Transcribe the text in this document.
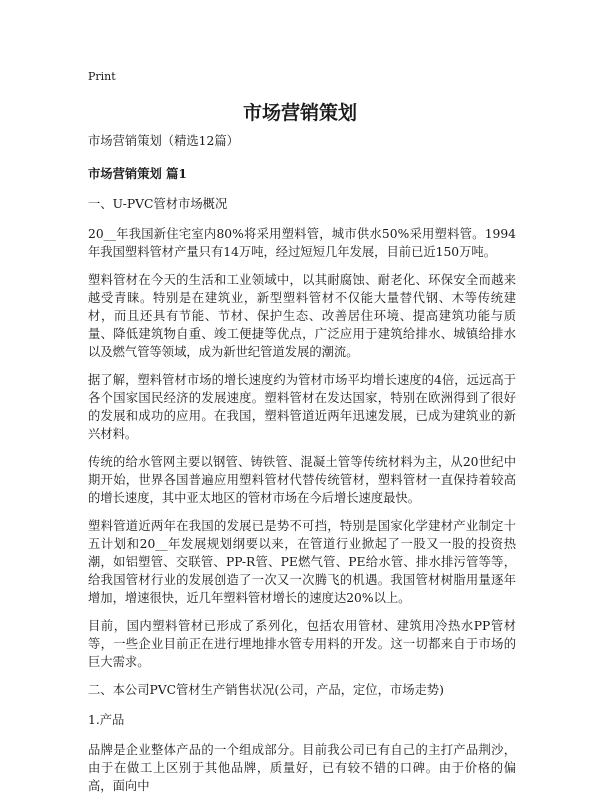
Print
市场营销策划

市场营销策划（精选12篇）

市场营销策划 篇1

一、U-PVC管材市场概况

20__年我国新住宅室内80%将采用塑料管，城市供水50%采用塑料管。1994年我国塑料管材产量只有14万吨，经过短短几年发展，目前已近150万吨。

塑料管材在今天的生活和工业领域中，以其耐腐蚀、耐老化、环保安全而越来越受青睐。特别是在建筑业，新型塑料管材不仅能大量替代钢、木等传统建材，而且还具有节能、节材、保护生态、改善居住环境、提高建筑功能与质量、降低建筑物自重、竣工便捷等优点，广泛应用于建筑给排水、城镇给排水以及燃气管等领域，成为新世纪管道发展的潮流。

据了解，塑料管材市场的增长速度约为管材市场平均增长速度的4倍，远远高于各个国家国民经济的发展速度。塑料管材在发达国家，特别在欧洲得到了很好的发展和成功的应用。在我国，塑料管道近两年迅速发展，已成为建筑业的新兴材料。

传统的给水管网主要以钢管、铸铁管、混凝土管等传统材料为主，从20世纪中期开始，世界各国普遍应用塑料管材代替传统管材，塑料管材一直保持着较高的增长速度，其中亚太地区的管材市场在今后增长速度最快。

塑料管道近两年在我国的发展已是势不可挡，特别是国家化学建材产业制定十五计划和20__年发展规划纲要以来，在管道行业掀起了一股又一股的投资热潮，如铝塑管、交联管、PP-R管、PE燃气管、PE给水管、排水排污管等等，给我国管材行业的发展创造了一次又一次腾飞的机遇。我国管材树脂用量逐年增加，增速很快，近几年塑料管材增长的速度达20%以上。

目前，国内塑料管材已形成了系列化，包括农用管材、建筑用冷热水PP管材等，一些企业目前正在进行埋地排水管专用料的开发。这一切都来自于市场的巨大需求。

二、本公司PVC管材生产销售状况(公司，产品，定位，市场走势)

1.产品

品牌是企业整体产品的一个组成部分。目前我公司已有自己的主打产品荆沙，由于在做工上区别于其他品牌，质量好，已有较不错的口碑。由于价格的偏高，面向中
